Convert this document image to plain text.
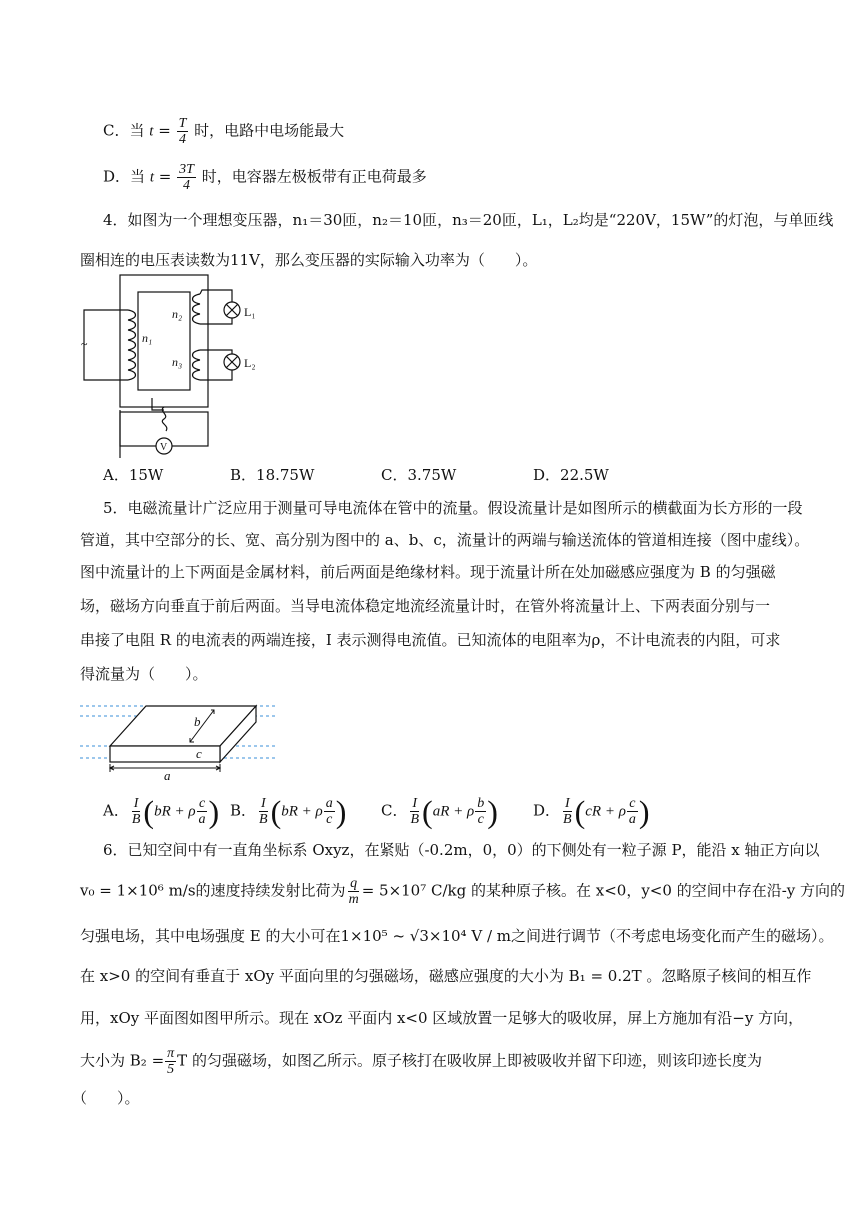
C．当 $t = \frac{T}{4}$ 时，电路中电场能最大
D．当 $t = \frac{3T}{4}$ 时，电容器左极板带有正电荷最多
4．如图为一个理想变压器，n₁＝30匝，n₂＝10匝，n₃＝20匝，L₁，L₂均是“220V，15W”的灯泡，与单匝线
圈相连的电压表读数为11V，那么变压器的实际输入功率为（　　）。
~	n₁
n₂
n₃
L₁
L₂
V
A．15W	B．18.75W	C．3.75W	D．22.5W
5．电磁流量计广泛应用于测量可导电流体在管中的流量。假设流量计是如图所示的横截面为长方形的一段
管道，其中空部分的长、宽、高分别为图中的 a、b、c，流量计的两端与输送流体的管道相连接（图中虚线）。
图中流量计的上下两面是金属材料，前后两面是绝缘材料。现于流量计所在处加磁感应强度为 B 的匀强磁
场，磁场方向垂直于前后两面。当导电流体稳定地流经流量计时，在管外将流量计上、下两表面分别与一
串接了电阻 R 的电流表的两端连接，I 表示测得电流值。已知流体的电阻率为ρ，不计电流表的内阻，可求
得流量为（　　）。
b
c
a
A． $\frac{I}{B} (bR + \rho \frac{c}{a}$ ) B． $\frac{I}{B} (bR + \rho \frac{a}{c}$ ) C． $\frac{I}{B} (aR + \rho \frac{b}{c}$ ) D． $\frac{I}{B} (cR + \rho \frac{c}{a}$ )
6．已知空间中有一直角坐标系 Oxyz，在紧贴（-0.2m，0，0）的下侧处有一粒子源 P，能沿 x 轴正方向以
v₀ = 1×10⁶ m/s的速度持续发射比荷为 $\frac{q}{m} = 5\times 10^7$ C/kg 的某种原子核。在 x<0，y<0 的空间中存在沿-y 方向的
匀强电场，其中电场强度 E 的大小可在1×10⁵ ~ √3×10⁴ V / m之间进行调节（不考虑电场变化而产生的磁场）。
在 x>0 的空间有垂直于 xOy 平面向里的匀强磁场，磁感应强度的大小为 B₁ = 0.2T 。忽略原子核间的相互作
用，xOy 平面图如图甲所示。现在 xOz 平面内 x<0 区域放置一足够大的吸收屏，屏上方施加有沿−y 方向，
大小为 $B_2 = \frac{\pi}{5}$ T 的匀强磁场，如图乙所示。原子核打在吸收屏上即被吸收并留下印迹，则该印迹长度为
（　　）。
